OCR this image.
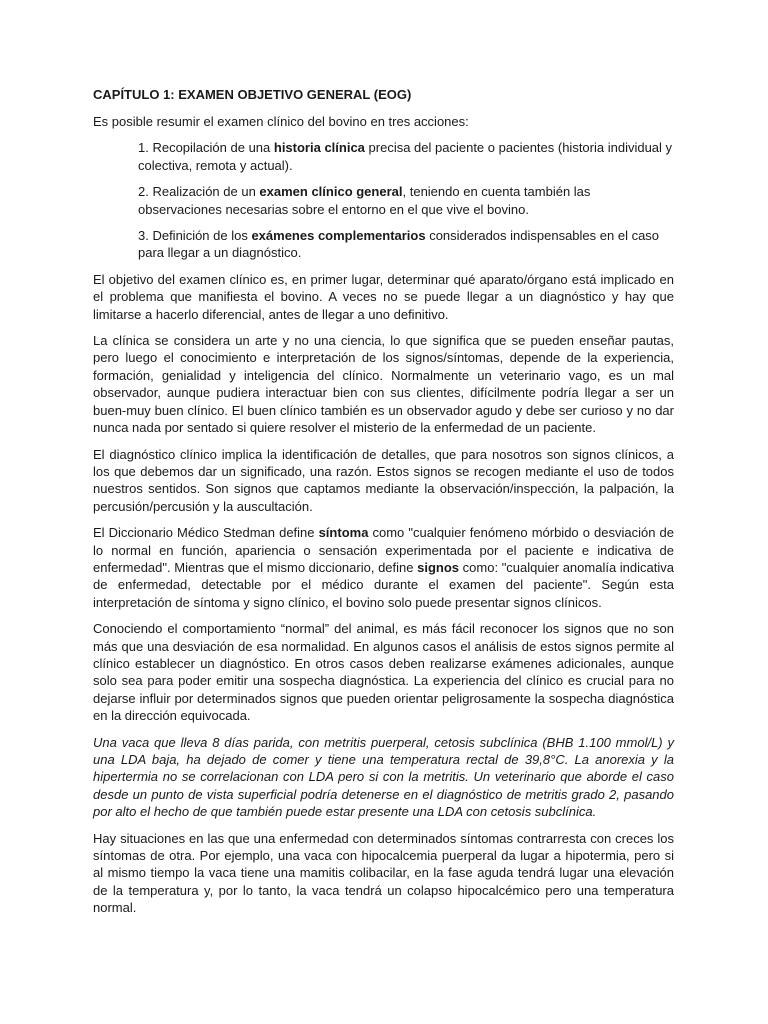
CAPÍTULO 1: EXAMEN OBJETIVO GENERAL (EOG)

Es posible resumir el examen clínico del bovino en tres acciones:

1. Recopilación de una historia clínica precisa del paciente o pacientes (historia individual y colectiva, remota y actual).

2. Realización de un examen clínico general, teniendo en cuenta también las observaciones necesarias sobre el entorno en el que vive el bovino.

3. Definición de los exámenes complementarios considerados indispensables en el caso para llegar a un diagnóstico.

El objetivo del examen clínico es, en primer lugar, determinar qué aparato/órgano está implicado en el problema que manifiesta el bovino. A veces no se puede llegar a un diagnóstico y hay que limitarse a hacerlo diferencial, antes de llegar a uno definitivo.

La clínica se considera un arte y no una ciencia, lo que significa que se pueden enseñar pautas, pero luego el conocimiento e interpretación de los signos/síntomas, depende de la experiencia, formación, genialidad y inteligencia del clínico. Normalmente un veterinario vago, es un mal observador, aunque pudiera interactuar bien con sus clientes, difícilmente podría llegar a ser un buen-muy buen clínico. El buen clínico también es un observador agudo y debe ser curioso y no dar nunca nada por sentado si quiere resolver el misterio de la enfermedad de un paciente.

El diagnóstico clínico implica la identificación de detalles, que para nosotros son signos clínicos, a los que debemos dar un significado, una razón. Estos signos se recogen mediante el uso de todos nuestros sentidos. Son signos que captamos mediante la observación/inspección, la palpación, la percusión/percusión y la auscultación.

El Diccionario Médico Stedman define síntoma como "cualquier fenómeno mórbido o desviación de lo normal en función, apariencia o sensación experimentada por el paciente e indicativa de enfermedad". Mientras que el mismo diccionario, define signos como: "cualquier anomalía indicativa de enfermedad, detectable por el médico durante el examen del paciente". Según esta interpretación de síntoma y signo clínico, el bovino solo puede presentar signos clínicos.

Conociendo el comportamiento “normal” del animal, es más fácil reconocer los signos que no son más que una desviación de esa normalidad. En algunos casos el análisis de estos signos permite al clínico establecer un diagnóstico. En otros casos deben realizarse exámenes adicionales, aunque solo sea para poder emitir una sospecha diagnóstica. La experiencia del clínico es crucial para no dejarse influir por determinados signos que pueden orientar peligrosamente la sospecha diagnóstica en la dirección equivocada.

Una vaca que lleva 8 días parida, con metritis puerperal, cetosis subclínica (BHB 1.100 mmol/L) y una LDA baja, ha dejado de comer y tiene una temperatura rectal de 39,8°C. La anorexia y la hipertermia no se correlacionan con LDA pero si con la metritis. Un veterinario que aborde el caso desde un punto de vista superficial podría detenerse en el diagnóstico de metritis grado 2, pasando por alto el hecho de que también puede estar presente una LDA con cetosis subclínica.

Hay situaciones en las que una enfermedad con determinados síntomas contrarresta con creces los síntomas de otra. Por ejemplo, una vaca con hipocalcemia puerperal da lugar a hipotermia, pero si al mismo tiempo la vaca tiene una mamitis colibacilar, en la fase aguda tendrá lugar una elevación de la temperatura y, por lo tanto, la vaca tendrá un colapso hipocalcémico pero una temperatura normal.
